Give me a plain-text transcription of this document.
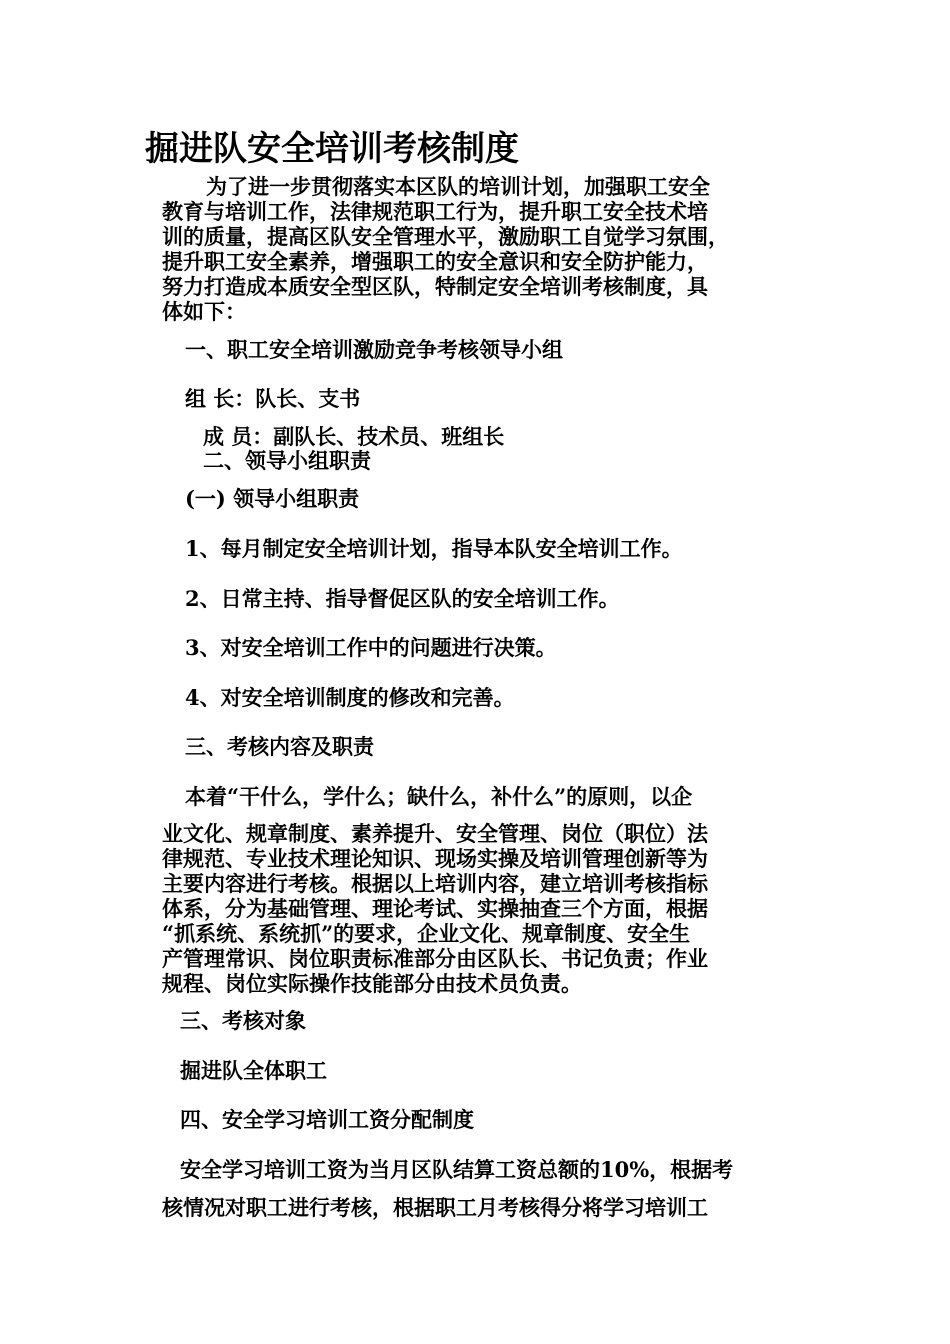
掘进队安全培训考核制度
为了进一步贯彻落实本区队的培训计划，加强职工安全
教育与培训工作，法律规范职工行为，提升职工安全技术培
训的质量，提高区队安全管理水平，激励职工自觉学习氛围，
提升职工安全素养，增强职工的安全意识和安全防护能力，
努力打造成本质安全型区队，特制定安全培训考核制度，具
体如下：
一、职工安全培训激励竞争考核领导小组
组 长：队长、支书
成 员：副队长、技术员、班组长
二、领导小组职责
(一) 领导小组职责
1、每月制定安全培训计划，指导本队安全培训工作。
2、日常主持、指导督促区队的安全培训工作。
3、对安全培训工作中的问题进行决策。
4、对安全培训制度的修改和完善。
三、考核内容及职责
本着“干什么，学什么；缺什么，补什么”的原则，以企
业文化、规章制度、素养提升、安全管理、岗位（职位）法
律规范、专业技术理论知识、现场实操及培训管理创新等为
主要内容进行考核。根据以上培训内容，建立培训考核指标
体系，分为基础管理、理论考试、实操抽查三个方面，根据
“抓系统、系统抓”的要求，企业文化、规章制度、安全生
产管理常识、岗位职责标准部分由区队长、书记负责；作业
规程、岗位实际操作技能部分由技术员负责。
三、考核对象
掘进队全体职工
四、安全学习培训工资分配制度
安全学习培训工资为当月区队结算工资总额的10%，根据考
核情况对职工进行考核，根据职工月考核得分将学习培训工
